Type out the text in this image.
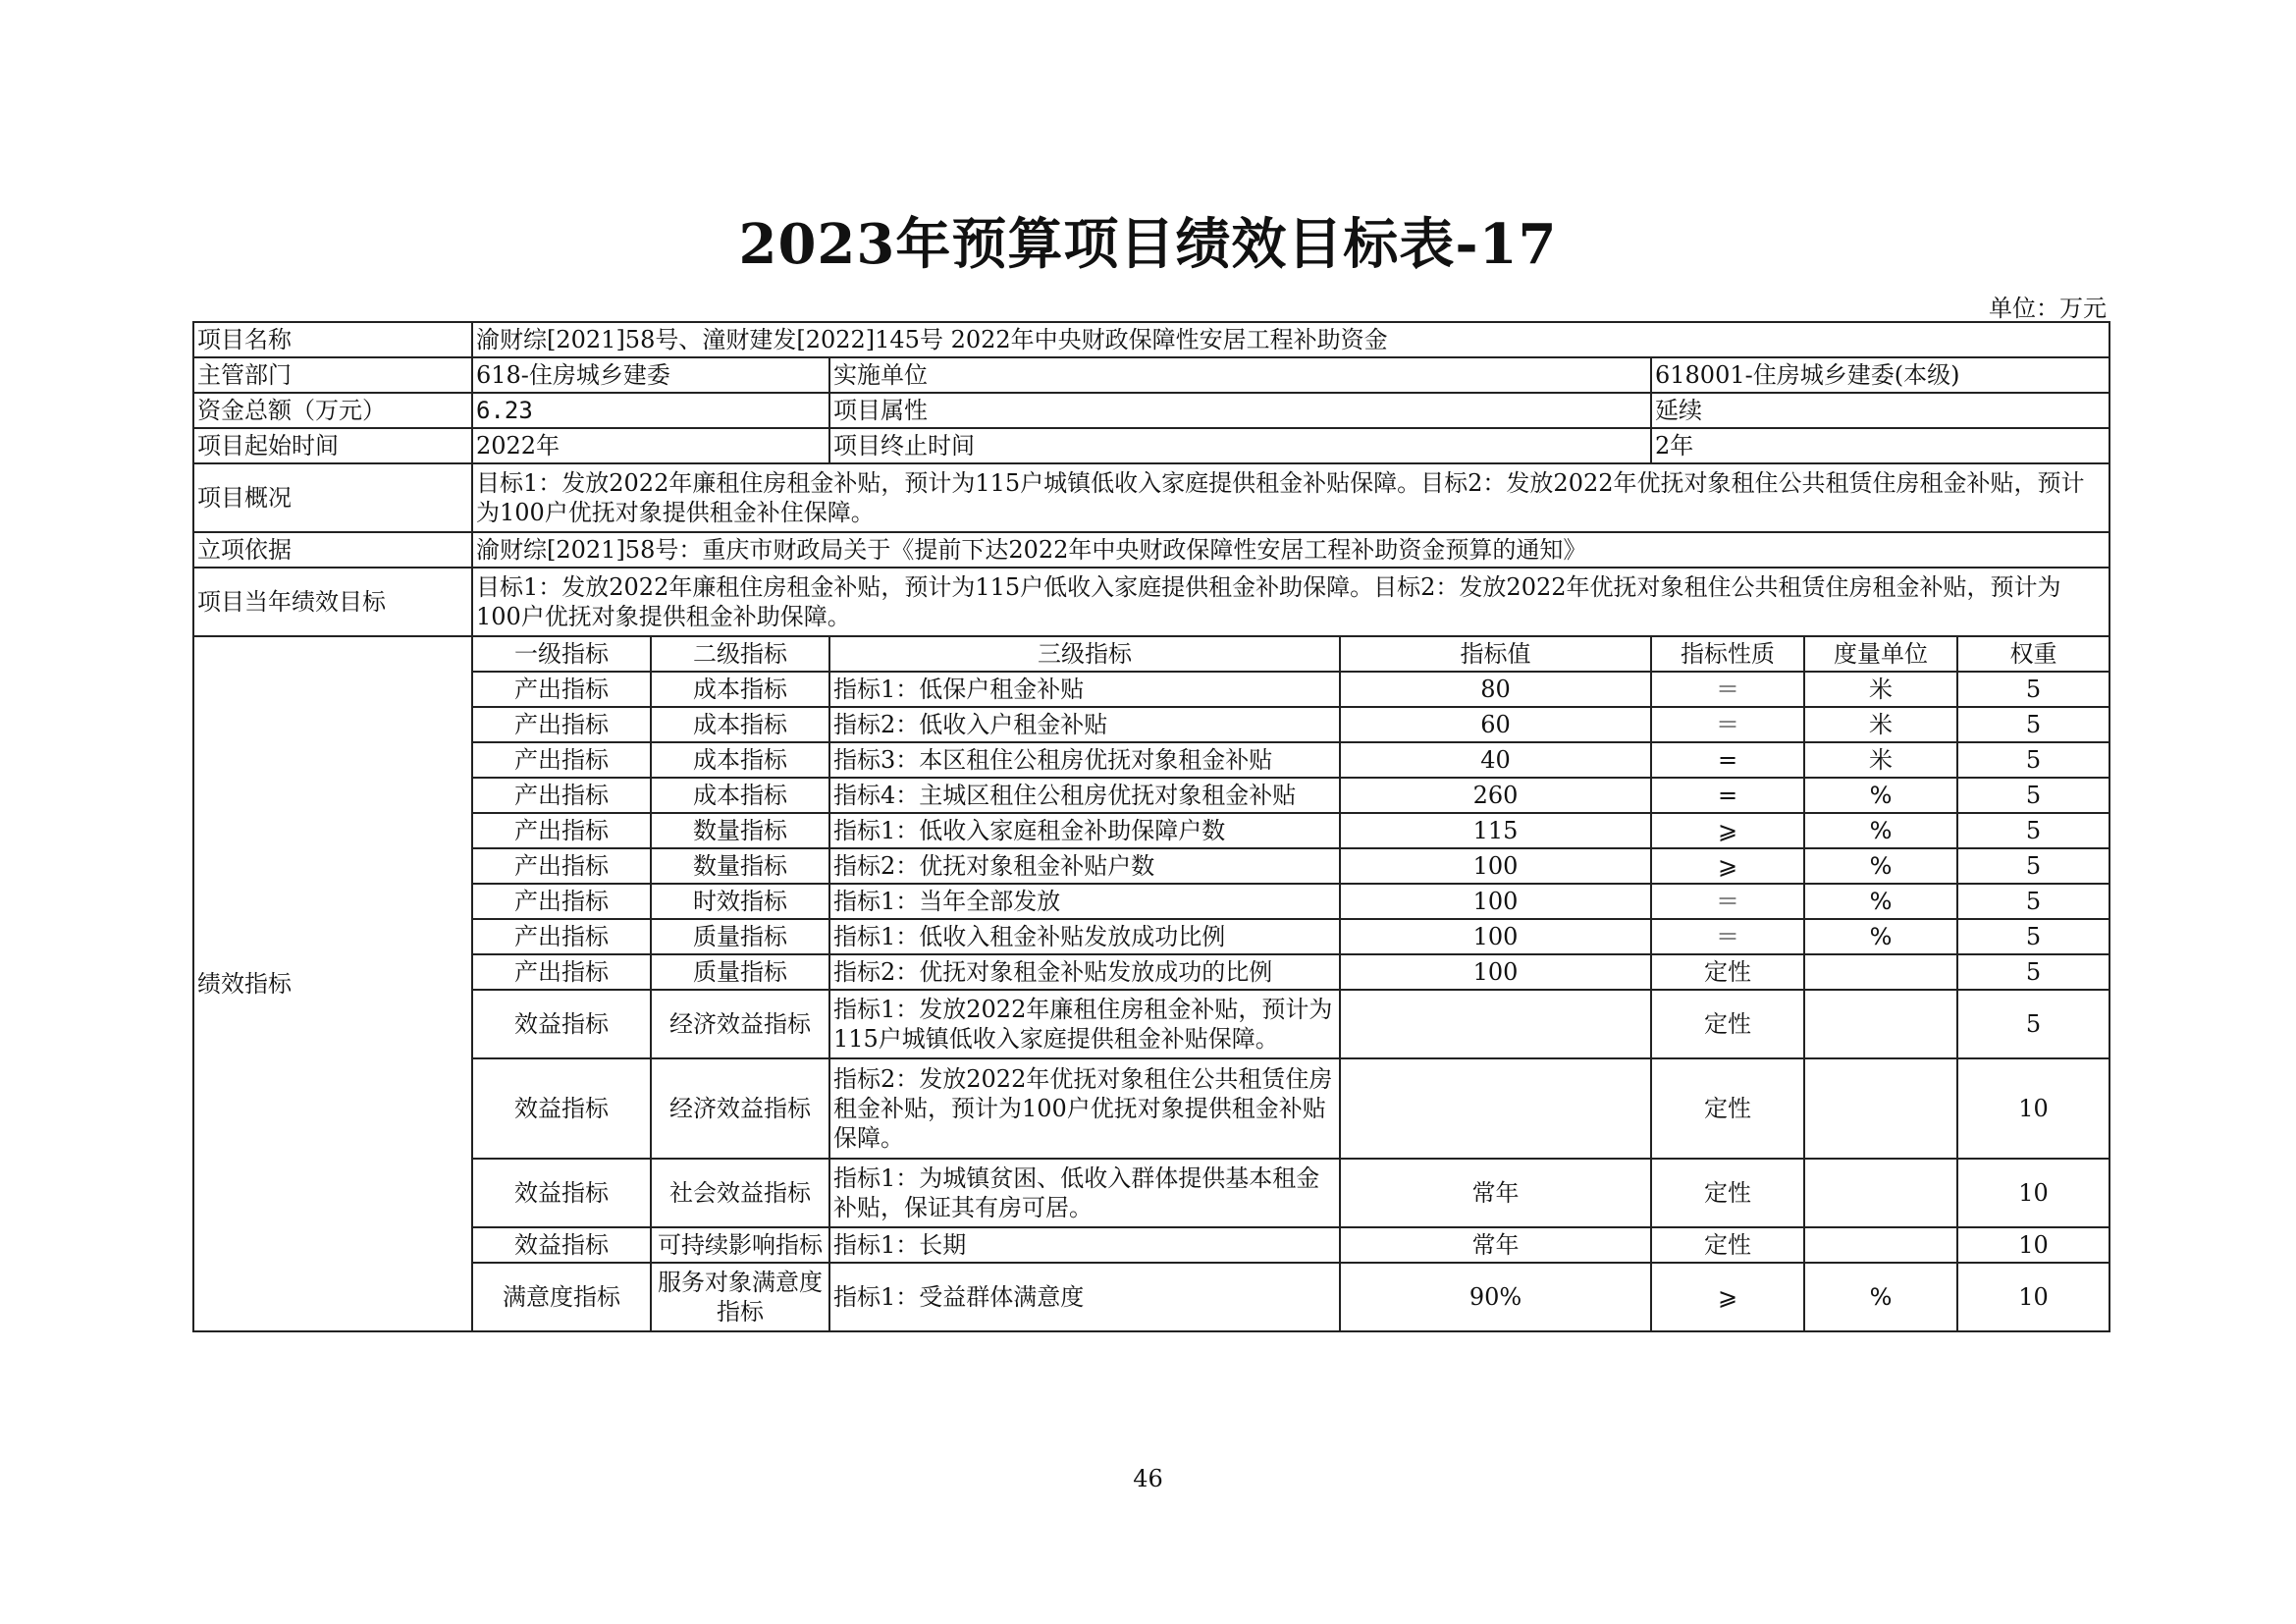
2023年预算项目绩效目标表-17
单位：万元
项目名称	渝财综[2021]58号、潼财建发[2022]145号 2022年中央财政保障性安居工程补助资金						
主管部门	618-住房城乡建委		实施单位		618001-住房城乡建委(本级)		
资金总额（万元）	6.23		项目属性		延续		
项目起始时间	2022年		项目终止时间		2年		
项目概况	目标1：发放2022年廉租住房租金补贴，预计为115户城镇低收入家庭提供租金补贴保障。目标2：发放2022年优抚对象租住公共租赁住房租金补贴，预计为100户优抚对象提供租金补住保障。						
立项依据	渝财综[2021]58号：重庆市财政局关于《提前下达2022年中央财政保障性安居工程补助资金预算的通知》						
项目当年绩效目标	目标1：发放2022年廉租住房租金补贴，预计为115户低收入家庭提供租金补助保障。目标2：发放2022年优抚对象租住公共租赁住房租金补贴，预计为100户优抚对象提供租金补助保障。						
绩效指标	一级指标	二级指标	三级指标	指标值	指标性质	度量单位	权重
	产出指标	成本指标	指标1：低保户租金补贴	80	＝	米	5
	产出指标	成本指标	指标2：低收入户租金补贴	60	＝	米	5
	产出指标	成本指标	指标3：本区租住公租房优抚对象租金补贴	40	=	米	5
	产出指标	成本指标	指标4：主城区租住公租房优抚对象租金补贴	260	=	%	5
	产出指标	数量指标	指标1：低收入家庭租金补助保障户数	115	⩾	%	5
	产出指标	数量指标	指标2：优抚对象租金补贴户数	100	⩾	%	5
	产出指标	时效指标	指标1：当年全部发放	100	＝	%	5
	产出指标	质量指标	指标1：低收入租金补贴发放成功比例	100	＝	%	5
	产出指标	质量指标	指标2：优抚对象租金补贴发放成功的比例	100	定性		5
	效益指标	经济效益指标	指标1：发放2022年廉租住房租金补贴，预计为115户城镇低收入家庭提供租金补贴保障。		定性		5
	效益指标	经济效益指标	指标2：发放2022年优抚对象租住公共租赁住房租金补贴，预计为100户优抚对象提供租金补贴保障。		定性		10
	效益指标	社会效益指标	指标1：为城镇贫困、低收入群体提供基本租金补贴，保证其有房可居。	常年	定性		10
	效益指标	可持续影响指标	指标1：长期	常年	定性		10
	满意度指标	服务对象满意度指标	指标1：受益群体满意度	90%	⩾	%	10
46
